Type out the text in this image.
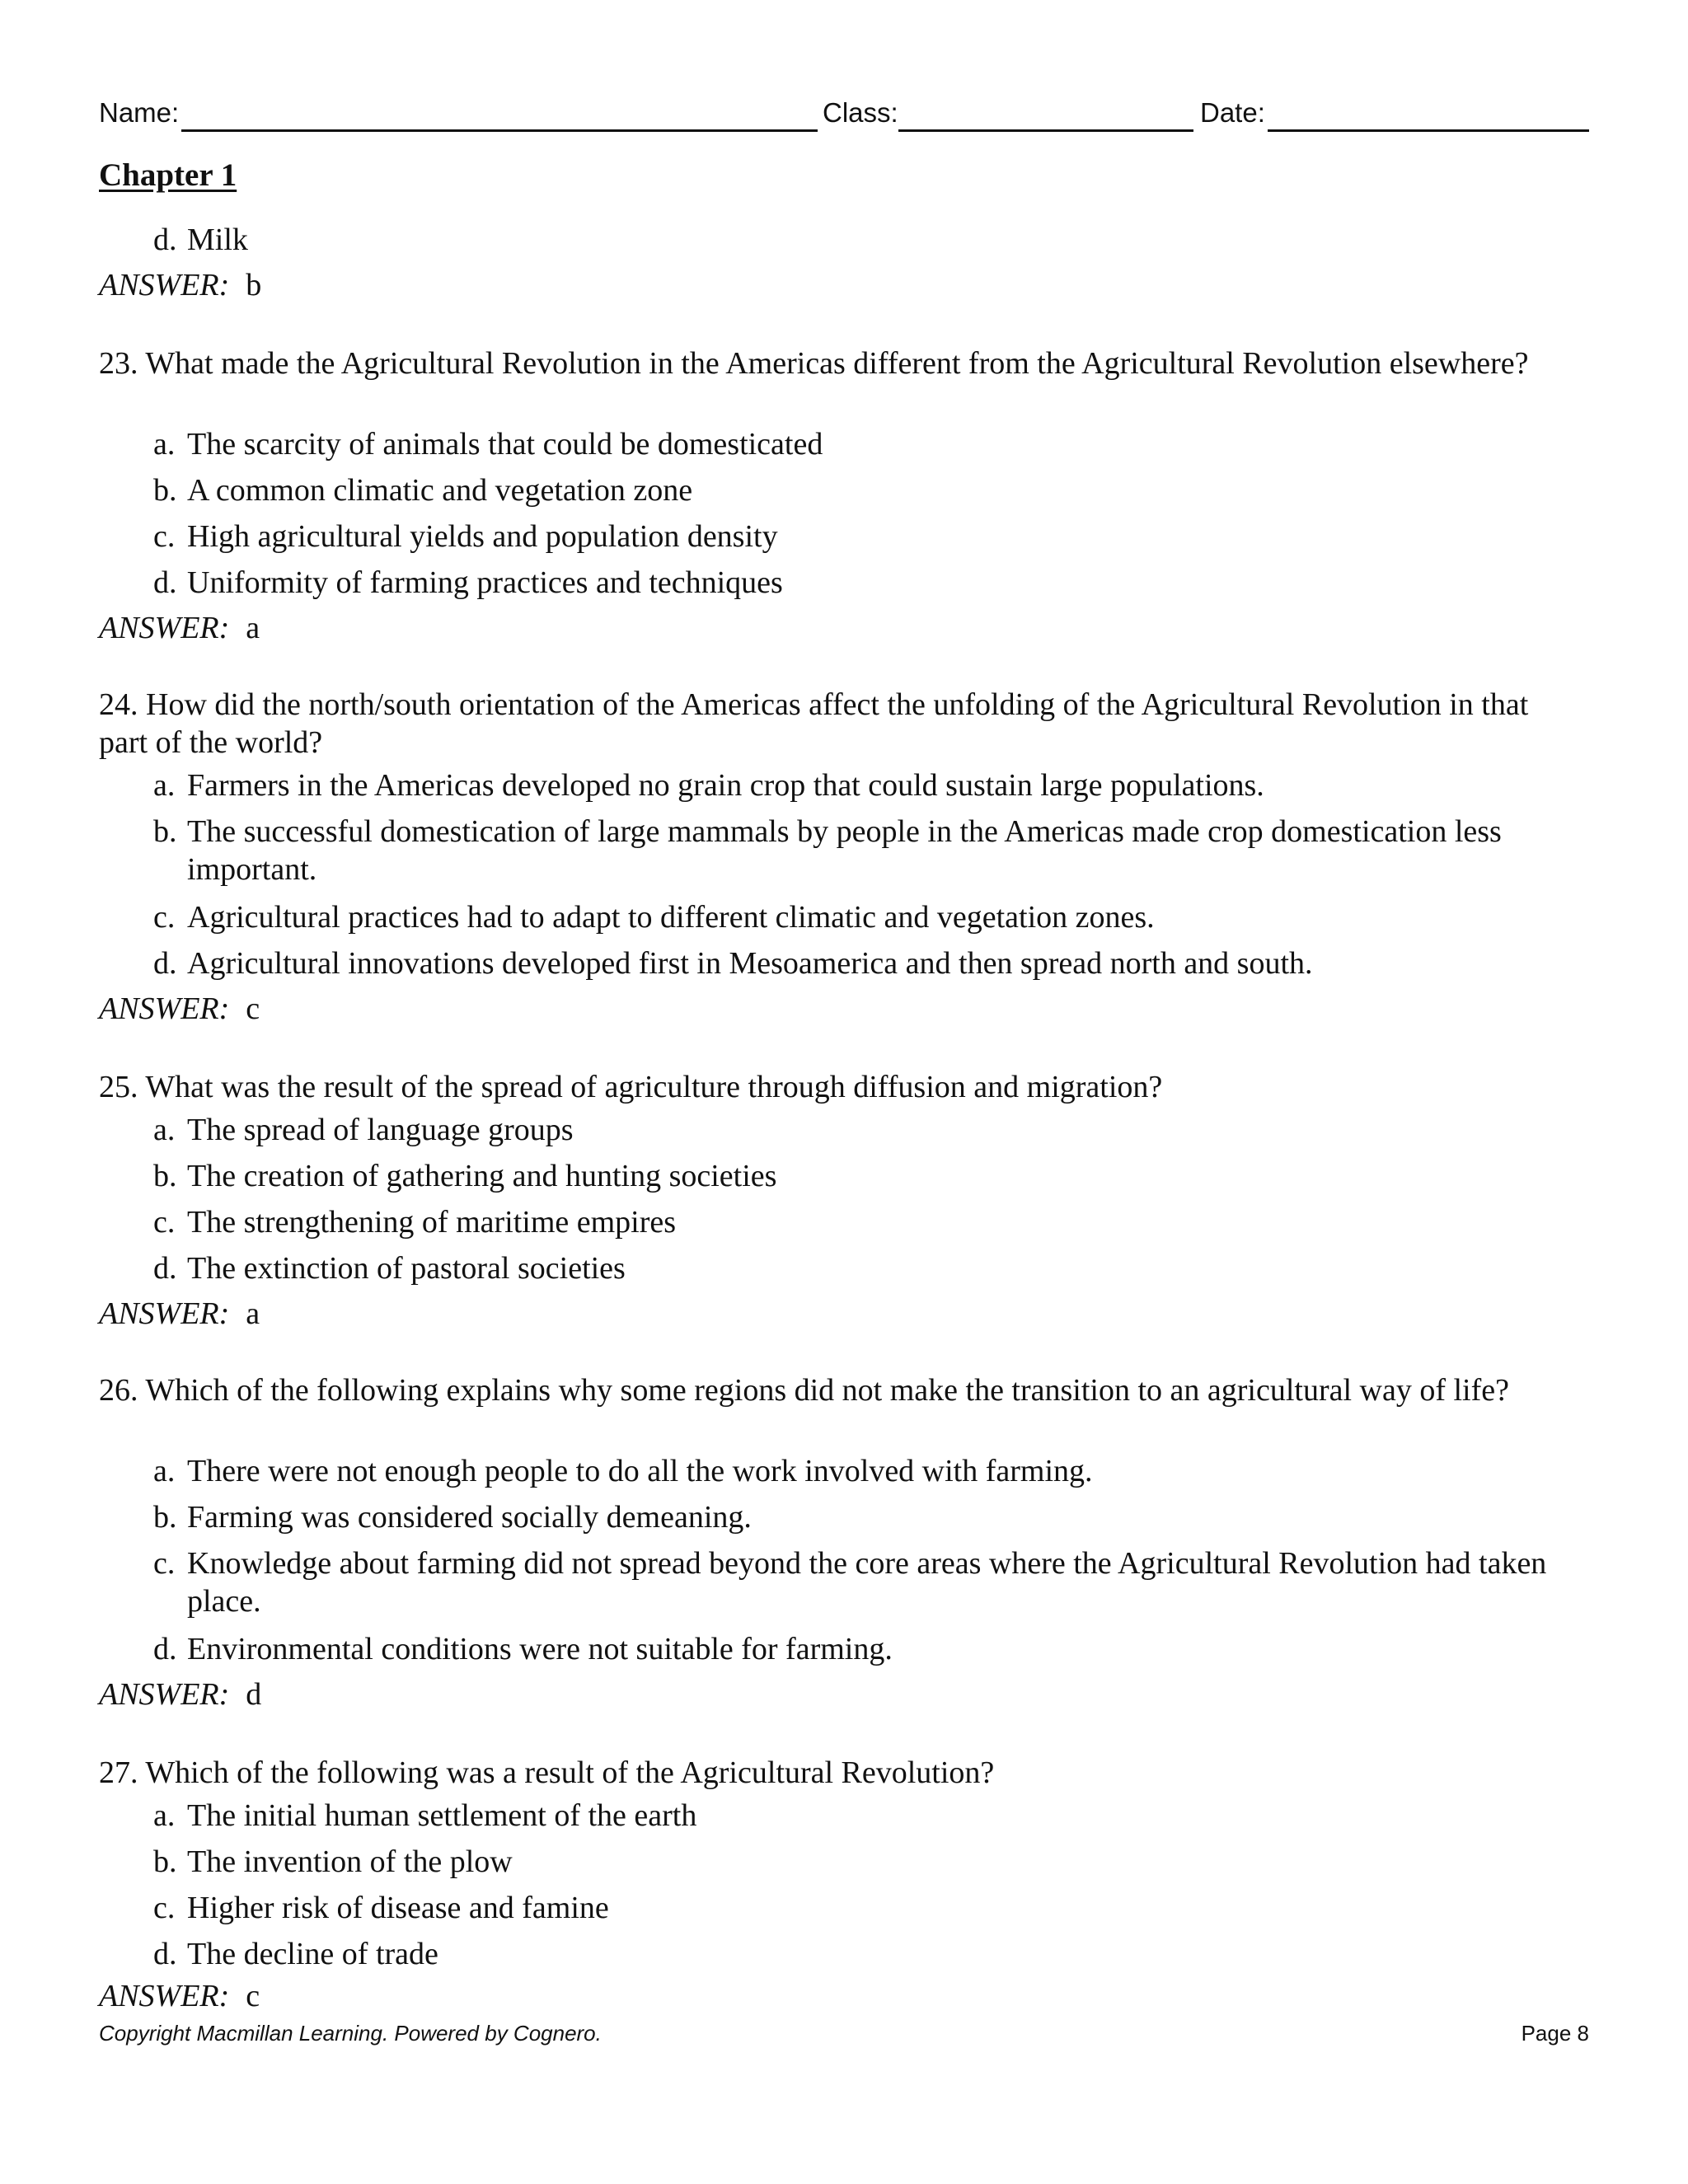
Name:	Class:	Date:
Chapter 1
d. Milk
ANSWER: b
23. What made the Agricultural Revolution in the Americas different from the Agricultural Revolution elsewhere?
a. The scarcity of animals that could be domesticated
b. A common climatic and vegetation zone
c. High agricultural yields and population density
d. Uniformity of farming practices and techniques
ANSWER: a
24. How did the north/south orientation of the Americas affect the unfolding of the Agricultural Revolution in that part of the world?
a. Farmers in the Americas developed no grain crop that could sustain large populations.
b. The successful domestication of large mammals by people in the Americas made crop domestication less important.
c. Agricultural practices had to adapt to different climatic and vegetation zones.
d. Agricultural innovations developed first in Mesoamerica and then spread north and south.
ANSWER: c
25. What was the result of the spread of agriculture through diffusion and migration?
a. The spread of language groups
b. The creation of gathering and hunting societies
c. The strengthening of maritime empires
d. The extinction of pastoral societies
ANSWER: a
26. Which of the following explains why some regions did not make the transition to an agricultural way of life?
a. There were not enough people to do all the work involved with farming.
b. Farming was considered socially demeaning.
c. Knowledge about farming did not spread beyond the core areas where the Agricultural Revolution had taken place.
d. Environmental conditions were not suitable for farming.
ANSWER: d
27. Which of the following was a result of the Agricultural Revolution?
a. The initial human settlement of the earth
b. The invention of the plow
c. Higher risk of disease and famine
d. The decline of trade
ANSWER: c
Copyright Macmillan Learning. Powered by Cognero.	Page 8
